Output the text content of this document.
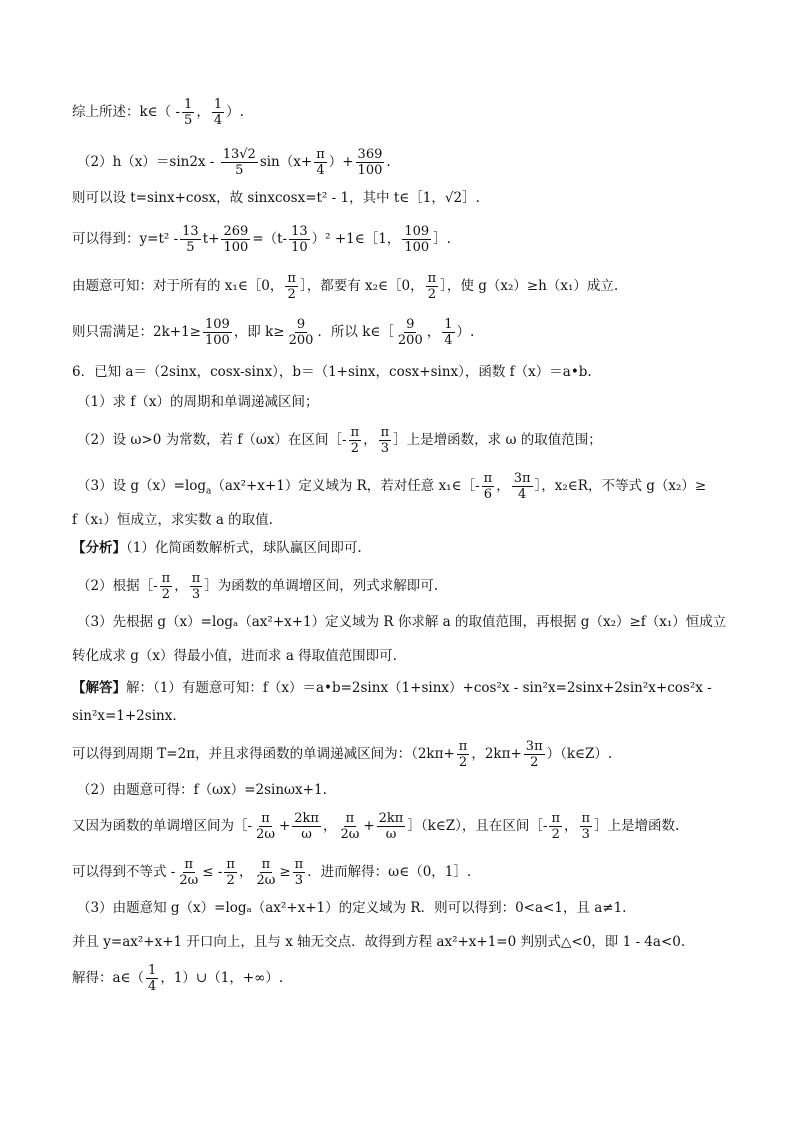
综上所述：k∈（ - $\frac{1}{5}$ ， $\frac{1}{4}$ ）.
$(2)h(x)=\sin 2x - \frac{13√2}{5} \sin(x+ \frac{\pi}{4}$ ）+ $\frac{369}{100}$ .
则可以设 t=sinx+cosx，故 sinxcosx=t² - 1，其中 t∈［1，√2］.
可以得到：$y=t^2 - \frac{13}{5} t+ \frac{269}{100} =(t- \frac{13}{10} )^2$ +1∈［1， $\frac{109}{100}$ ］.
由题意可知：对于所有的 x₁∈［0， $\frac{\pi}{2}$ ］，都要有 x₂∈［0， $\frac{\pi}{2}$ ］，使 g（x₂）≥h（x₁）成立.
则只需满足：$2k+1\ge \frac{109}{100}$ ，即 $k\ge \frac{9}{200}$ ．所以 k∈［ $\frac{9}{200}$ ， $\frac{1}{4}$ ）.
6．已知 a＝（2sinx，cosx-sinx），b＝（1+sinx，cosx+sinx），函数 f（x）＝a•b.
（1）求 f（x）的周期和单调递减区间；
（2）设 ω>0 为常数，若 f（ωx）在区间［- $\frac{\pi}{2}$ ， $\frac{\pi}{3}$ ］上是增函数，求 ω 的取值范围；
（3）设 $g(x)=\log_a(ax^2+x+1)$定义域为 R，若对任意 x₁∈［- $\frac{\pi}{6}$ ， $\frac{3\pi}{4}$ ］，x₂∈R，不等式 g（x₂）≥
f（x₁）恒成立，求实数 a 的取值.
【分析】（1）化简函数解析式，球队赢区间即可.
（2）根据［- $\frac{\pi}{2}$ ， $\frac{\pi}{3}$ ］为函数的单调增区间，列式求解即可.
（3）先根据 g（x）=logₐ（ax²+x+1）定义域为 R 你求解 a 的取值范围，再根据 g（x₂）≥f（x₁）恒成立
转化成求 g（x）得最小值，进而求 a 得取值范围即可.
【解答】解：（1）有题意可知：f（x）＝a•b=2sinx（1+sinx）+cos²x - sin²x=2sinx+2sin²x+cos²x -
sin²x=1+2sinx.
可以得到周期 T=2π，并且求得函数的单调递减区间为：（$2k\pi+ \frac{\pi}{2}$ ，$2k\pi+ \frac{3\pi}{2}$ ）（k∈Z）.
（2）由题意可得：f（ωx）=2sinωx+1.
又因为函数的单调增区间为［- $\frac{\pi}{2\omega} + \frac{2k\pi}{\omega}$ ， $\frac{\pi}{2\omega} + \frac{2k\pi}{\omega}$ ］（k∈Z），且在区间［- $\frac{\pi}{2}$ ， $\frac{\pi}{3}$ ］上是增函数.
可以得到不等式 - $\frac{\pi}{2\omega}$ ≤ - $\frac{\pi}{2}$ ， $\frac{\pi}{2\omega} \ge \frac{\pi}{3}$ ．进而解得：ω∈（0，1］.
（3）由题意知 g（x）=logₐ（ax²+x+1）的定义域为 R．则可以得到：0<a<1，且 a≠1.
并且 y=ax²+x+1 开口向上，且与 x 轴无交点．故得到方程 ax²+x+1=0 判别式△<0，即 1 - 4a<0.
解得：a∈（ $\frac{1}{4}$ ，1）∪（1，+∞）.
